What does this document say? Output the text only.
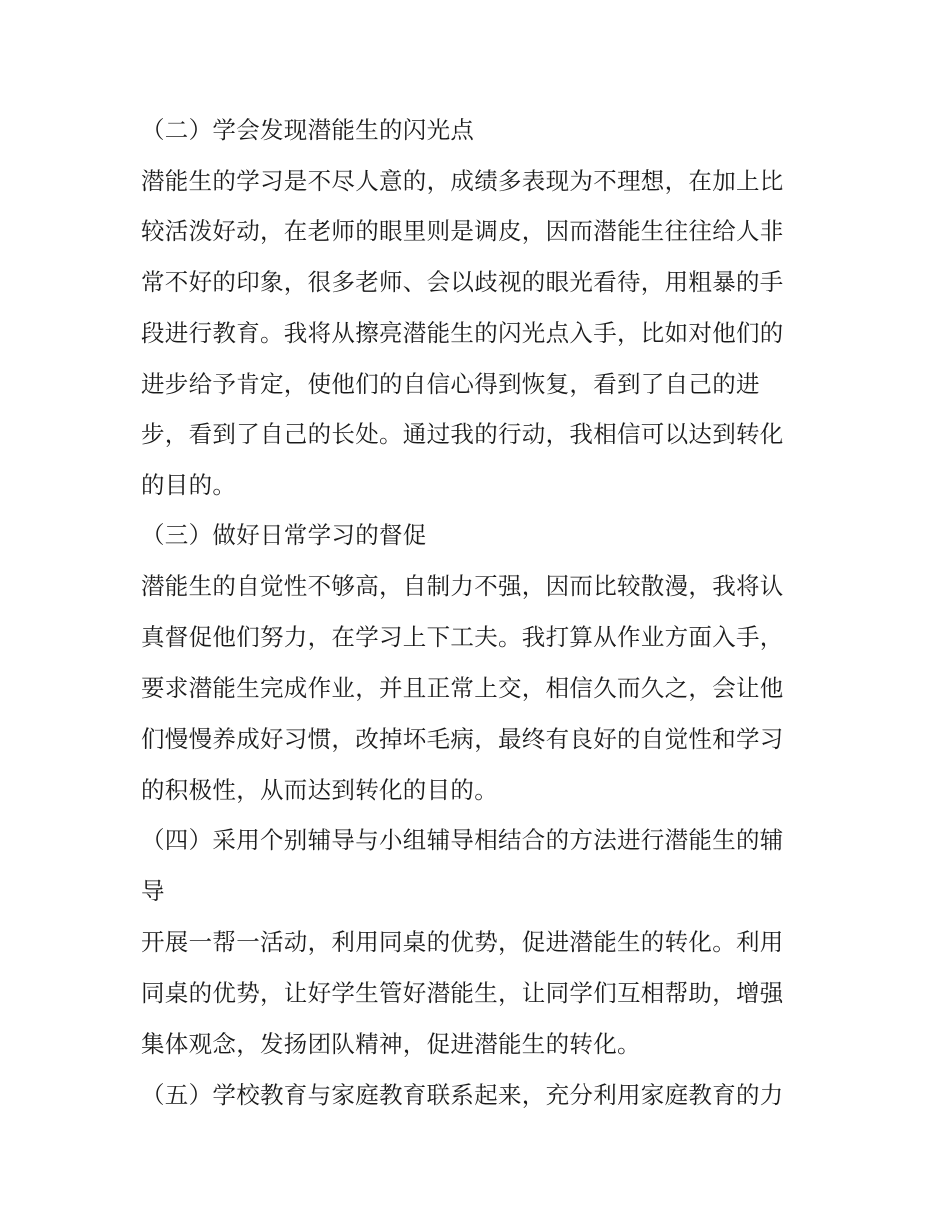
（二）学会发现潜能生的闪光点
潜能生的学习是不尽人意的，成绩多表现为不理想，在加上比
较活泼好动，在老师的眼里则是调皮，因而潜能生往往给人非
常不好的印象，很多老师、会以歧视的眼光看待，用粗暴的手
段进行教育。我将从擦亮潜能生的闪光点入手，比如对他们的
进步给予肯定，使他们的自信心得到恢复，看到了自己的进
步，看到了自己的长处。通过我的行动，我相信可以达到转化
的目的。
（三）做好日常学习的督促
潜能生的自觉性不够高，自制力不强，因而比较散漫，我将认
真督促他们努力，在学习上下工夫。我打算从作业方面入手，
要求潜能生完成作业，并且正常上交，相信久而久之，会让他
们慢慢养成好习惯，改掉坏毛病，最终有良好的自觉性和学习
的积极性，从而达到转化的目的。
（四）采用个别辅导与小组辅导相结合的方法进行潜能生的辅
导
开展一帮一活动，利用同桌的优势，促进潜能生的转化。利用
同桌的优势，让好学生管好潜能生，让同学们互相帮助，增强
集体观念，发扬团队精神，促进潜能生的转化。
（五）学校教育与家庭教育联系起来，充分利用家庭教育的力
